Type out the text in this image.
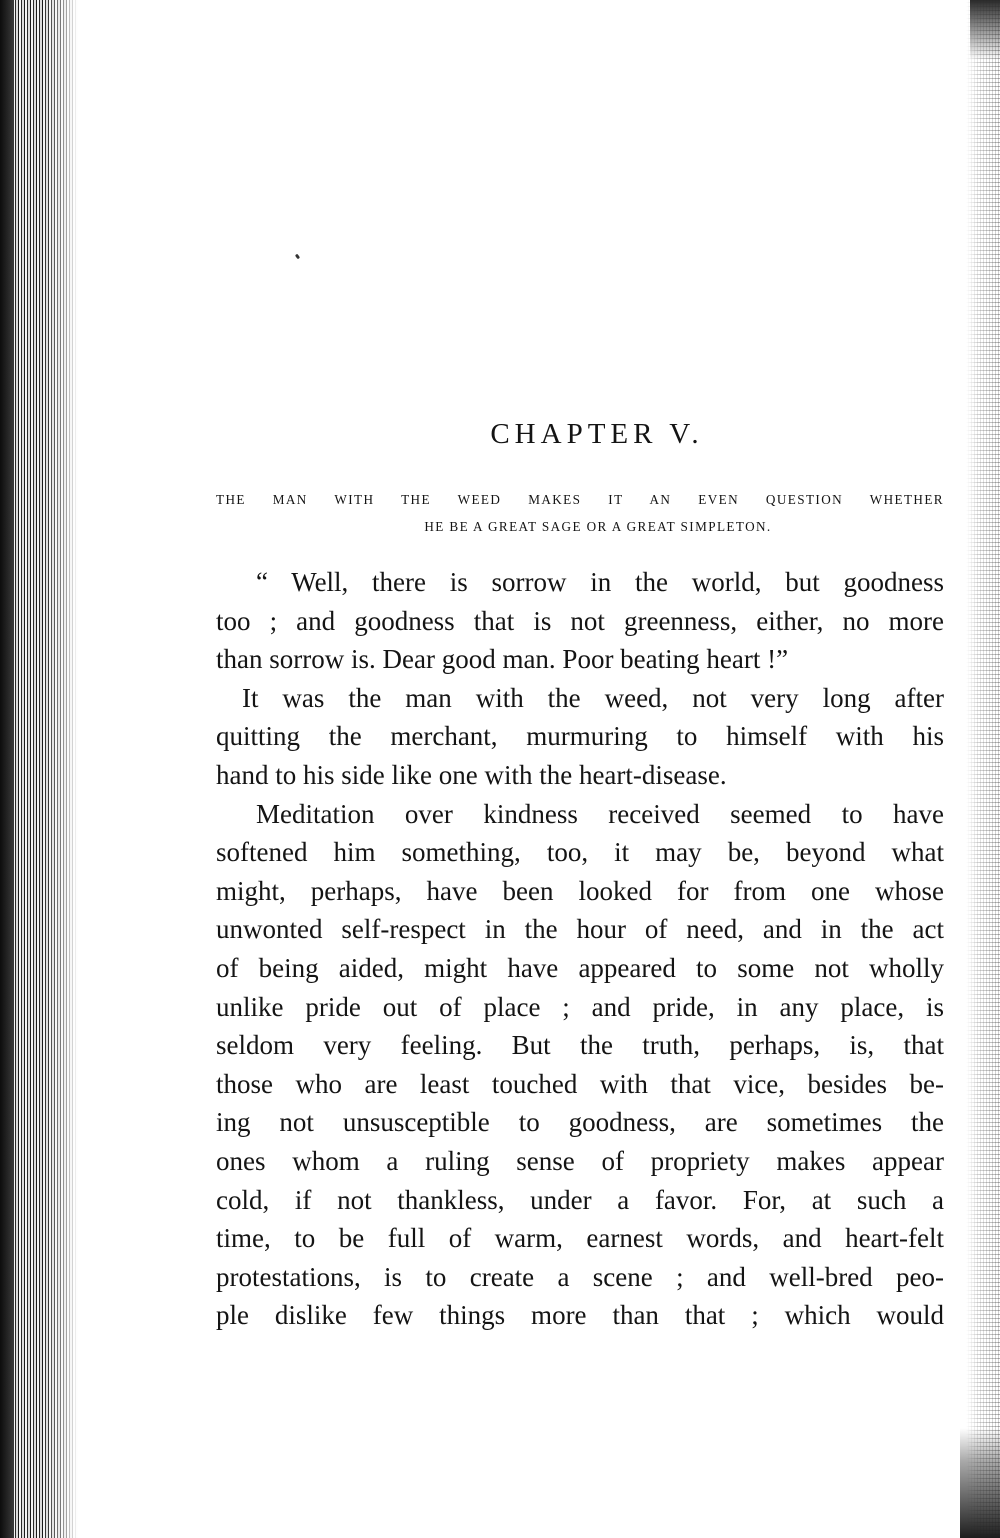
CHAPTER V.
THE MAN WITH THE WEED MAKES IT AN EVEN QUESTION WHETHER
HE BE A GREAT SAGE OR A GREAT SIMPLETON.
“ Well, there is sorrow in the world, but goodness
too ; and goodness that is not greenness, either, no more
than sorrow is. Dear good man. Poor beating heart !”
It was the man with the weed, not very long after
quitting the merchant, murmuring to himself with his
hand to his side like one with the heart-disease.
Meditation over kindness received seemed to have
softened him something, too, it may be, beyond what
might, perhaps, have been looked for from one whose
unwonted self-respect in the hour of need, and in the act
of being aided, might have appeared to some not wholly
unlike pride out of place ; and pride, in any place, is
seldom very feeling. But the truth, perhaps, is, that
those who are least touched with that vice, besides be-
ing not unsusceptible to goodness, are sometimes the
ones whom a ruling sense of propriety makes appear
cold, if not thankless, under a favor. For, at such a
time, to be full of warm, earnest words, and heart-felt
protestations, is to create a scene ; and well-bred peo-
ple dislike few things more than that ; which would
